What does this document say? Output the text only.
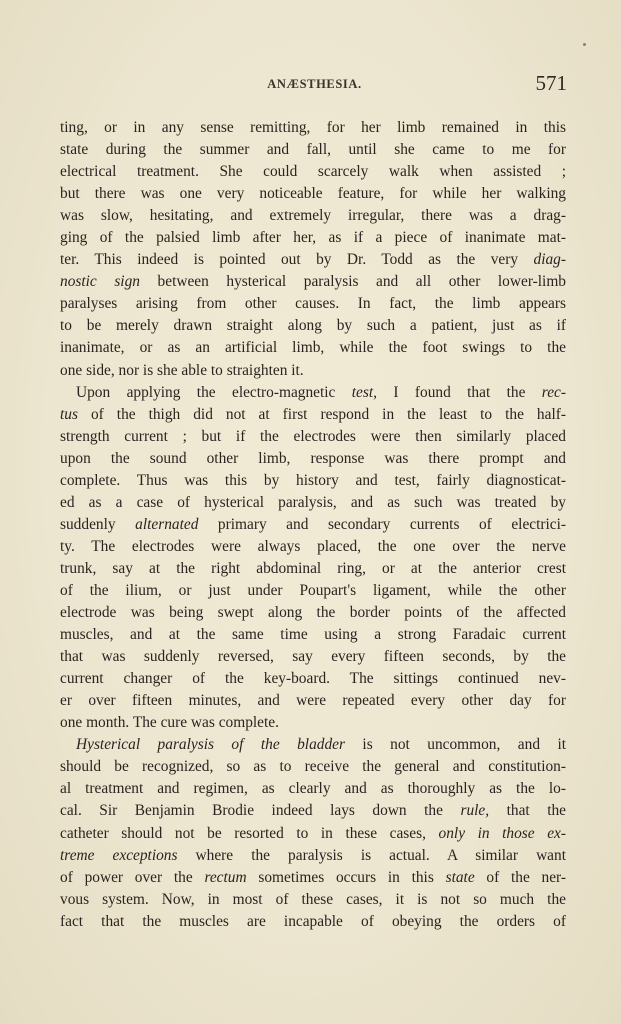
ANÆSTHESIA.	571
ting, or in any sense remitting, for her limb remained in this
state during the summer and fall, until she came to me for
electrical treatment. She could scarcely walk when assisted ;
but there was one very noticeable feature, for while her walking
was slow, hesitating, and extremely irregular, there was a drag-
ging of the palsied limb after her, as if a piece of inanimate mat-
ter. This indeed is pointed out by Dr. Todd as the very diag-
nostic sign between hysterical paralysis and all other lower-limb
paralyses arising from other causes. In fact, the limb appears
to be merely drawn straight along by such a patient, just as if
inanimate, or as an artificial limb, while the foot swings to the
one side, nor is she able to straighten it.
Upon applying the electro-magnetic test, I found that the rec-
tus of the thigh did not at first respond in the least to the half-
strength current ; but if the electrodes were then similarly placed
upon the sound other limb, response was there prompt and
complete. Thus was this by history and test, fairly diagnosticat-
ed as a case of hysterical paralysis, and as such was treated by
suddenly alternated primary and secondary currents of electrici-
ty. The electrodes were always placed, the one over the nerve
trunk, say at the right abdominal ring, or at the anterior crest
of the ilium, or just under Poupart's ligament, while the other
electrode was being swept along the border points of the affected
muscles, and at the same time using a strong Faradaic current
that was suddenly reversed, say every fifteen seconds, by the
current changer of the key-board. The sittings continued nev-
er over fifteen minutes, and were repeated every other day for
one month. The cure was complete.
Hysterical paralysis of the bladder is not uncommon, and it
should be recognized, so as to receive the general and constitution-
al treatment and regimen, as clearly and as thoroughly as the lo-
cal. Sir Benjamin Brodie indeed lays down the rule, that the
catheter should not be resorted to in these cases, only in those ex-
treme exceptions where the paralysis is actual. A similar want
of power over the rectum sometimes occurs in this state of the ner-
vous system. Now, in most of these cases, it is not so much the
fact that the muscles are incapable of obeying the orders of
